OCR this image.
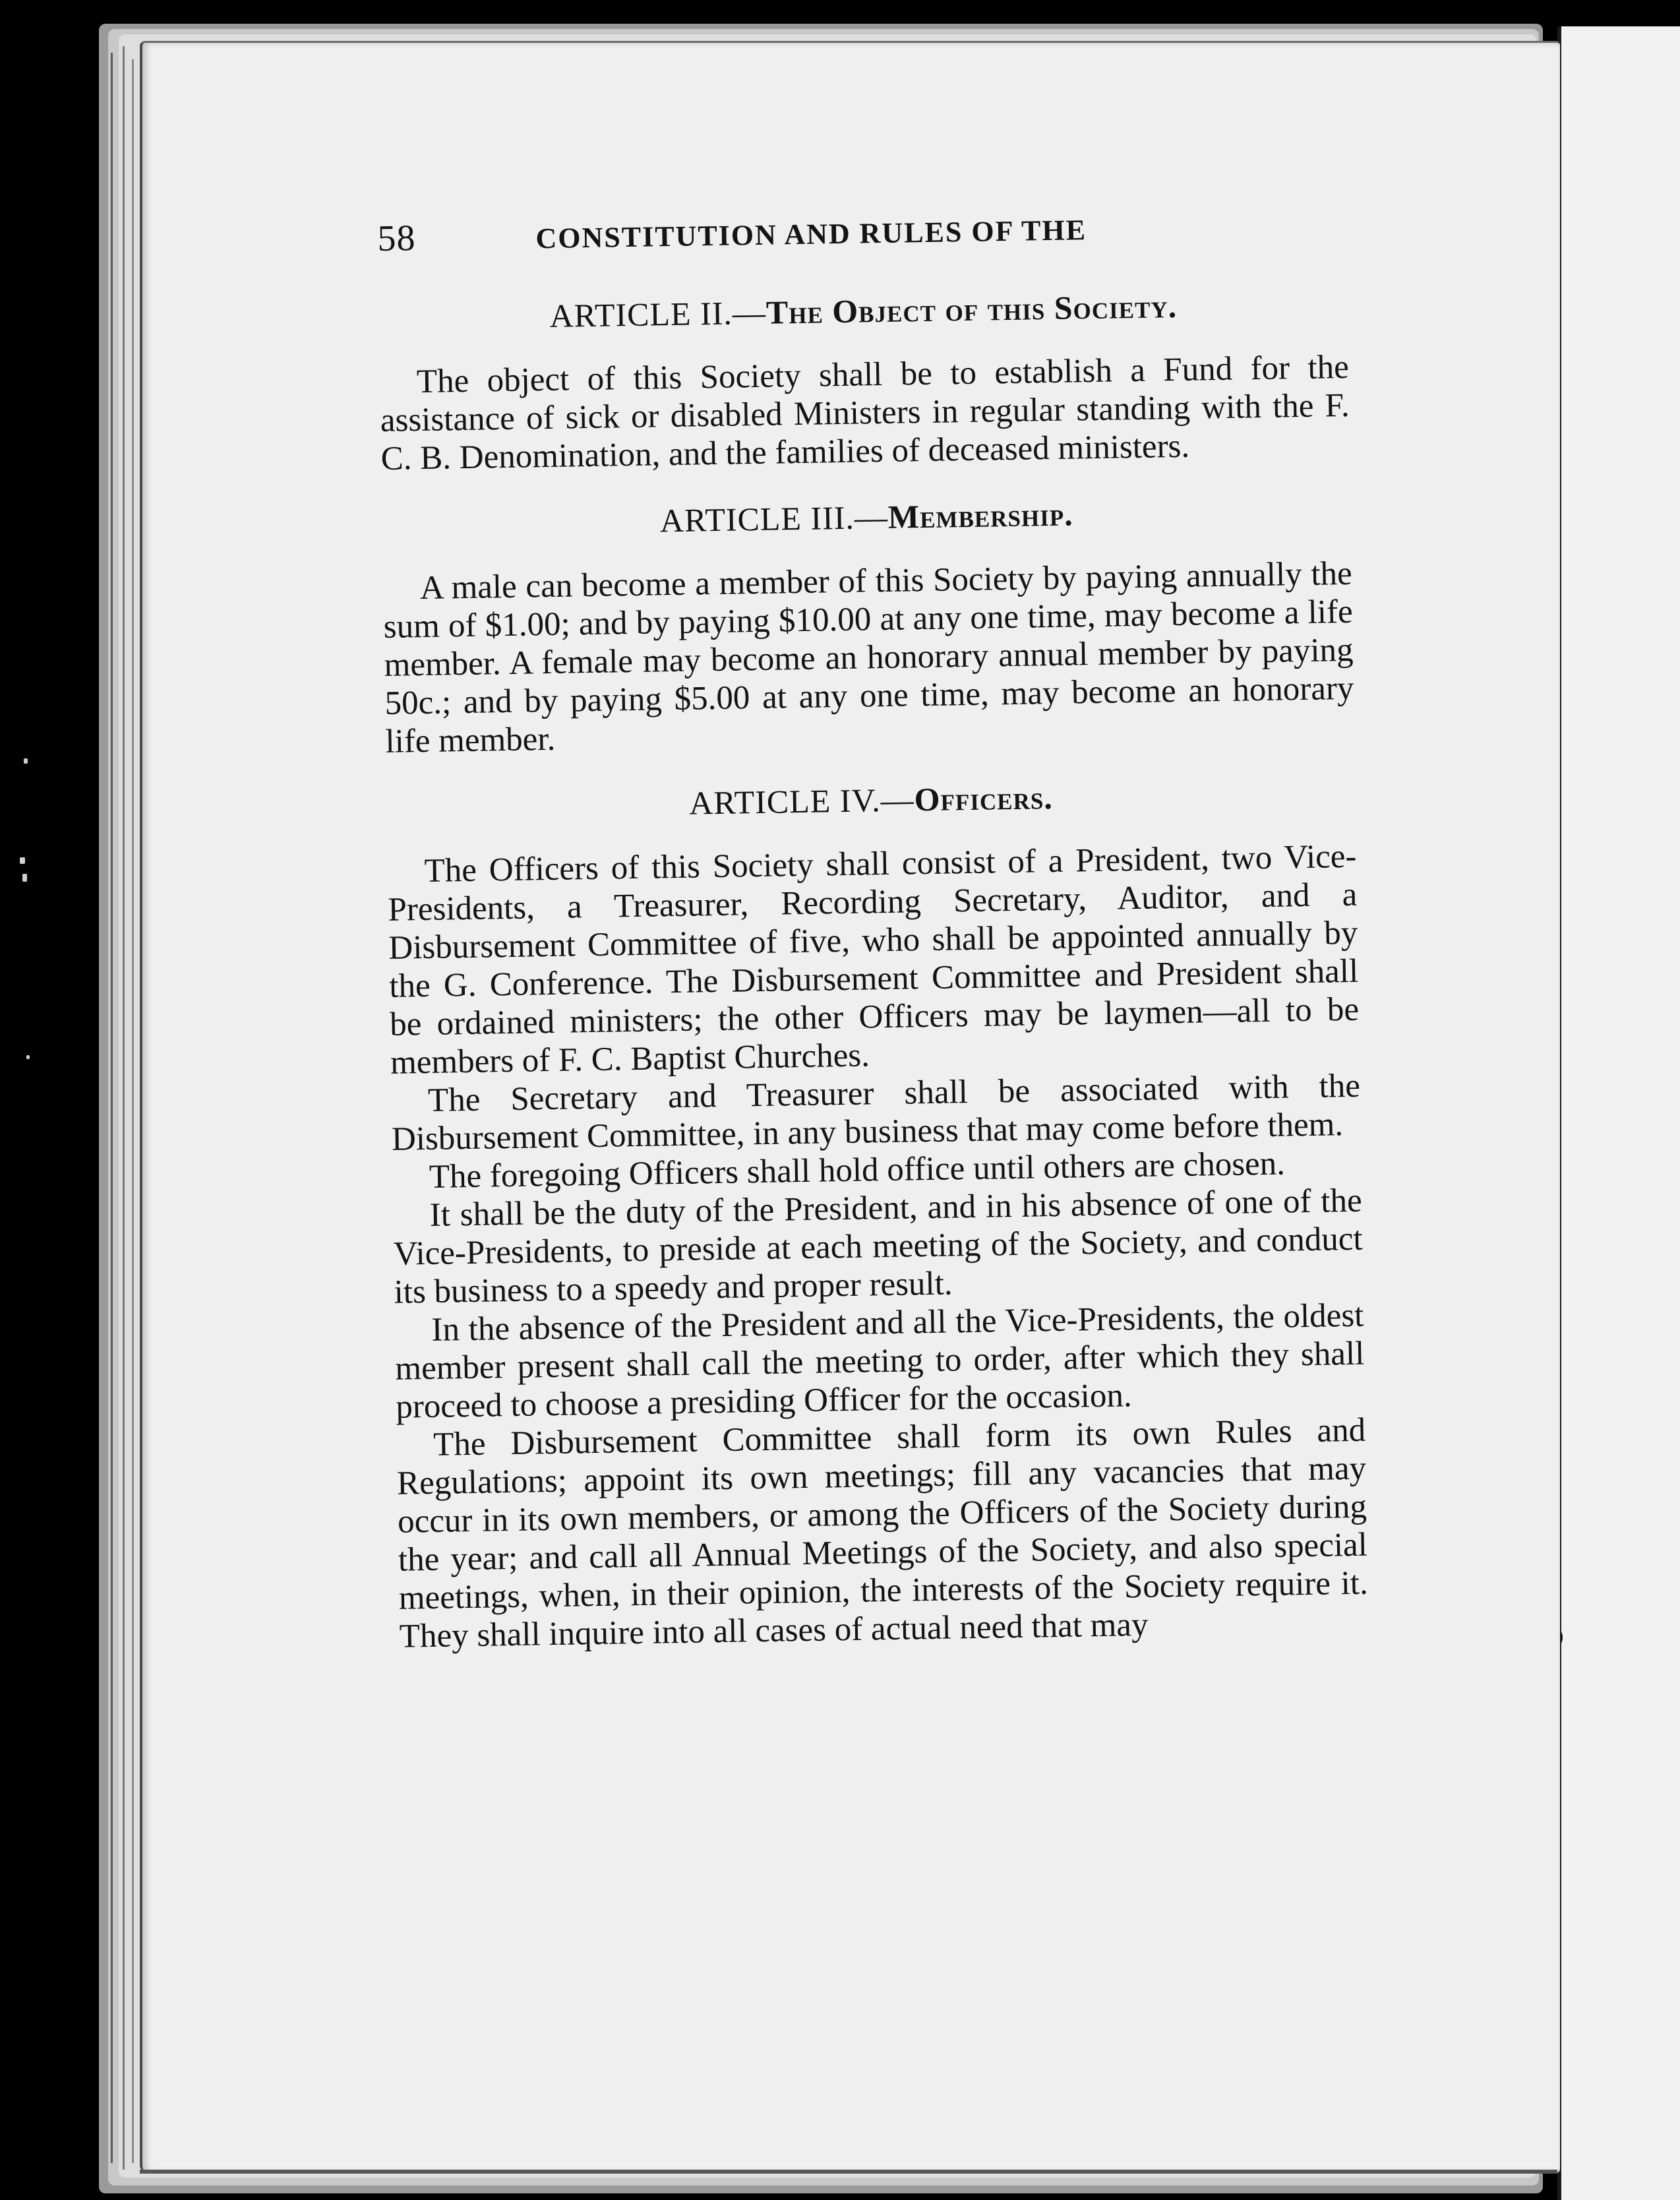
58	CONSTITUTION AND RULES OF THE
ARTICLE II.—The Object of this Society.

The object of this Society shall be to establish a Fund for the assistance of sick or disabled Ministers in regular standing with the F. C. B. Denomination, and the families of deceased ministers.

ARTICLE III.—Membership.

A male can become a member of this Society by paying annually the sum of $1.00; and by paying $10.00 at any one time, may become a life member. A female may become an honorary annual member by paying 50c.; and by paying $5.00 at any one time, may become an honorary life member.

ARTICLE IV.—Officers.

The Officers of this Society shall consist of a President, two Vice-Presidents, a Treasurer, Recording Secretary, Auditor, and a Disbursement Committee of five, who shall be appointed annually by the G. Conference. The Disbursement Committee and President shall be ordained ministers; the other Officers may be laymen—all to be members of F. C. Baptist Churches.

The Secretary and Treasurer shall be associated with the Disbursement Committee, in any business that may come before them.

The foregoing Officers shall hold office until others are chosen.

It shall be the duty of the President, and in his absence of one of the Vice-Presidents, to preside at each meeting of the Society, and conduct its business to a speedy and proper result.

In the absence of the President and all the Vice-Presidents, the oldest member present shall call the meeting to order, after which they shall proceed to choose a presiding Officer for the occasion.

The Disbursement Committee shall form its own Rules and Regulations; appoint its own meetings; fill any vacancies that may occur in its own members, or among the Officers of the Society during the year; and call all Annual Meetings of the Society, and also special meetings, when, in their opinion, the interests of the Society require it. They shall inquire into all cases of actual need that may
